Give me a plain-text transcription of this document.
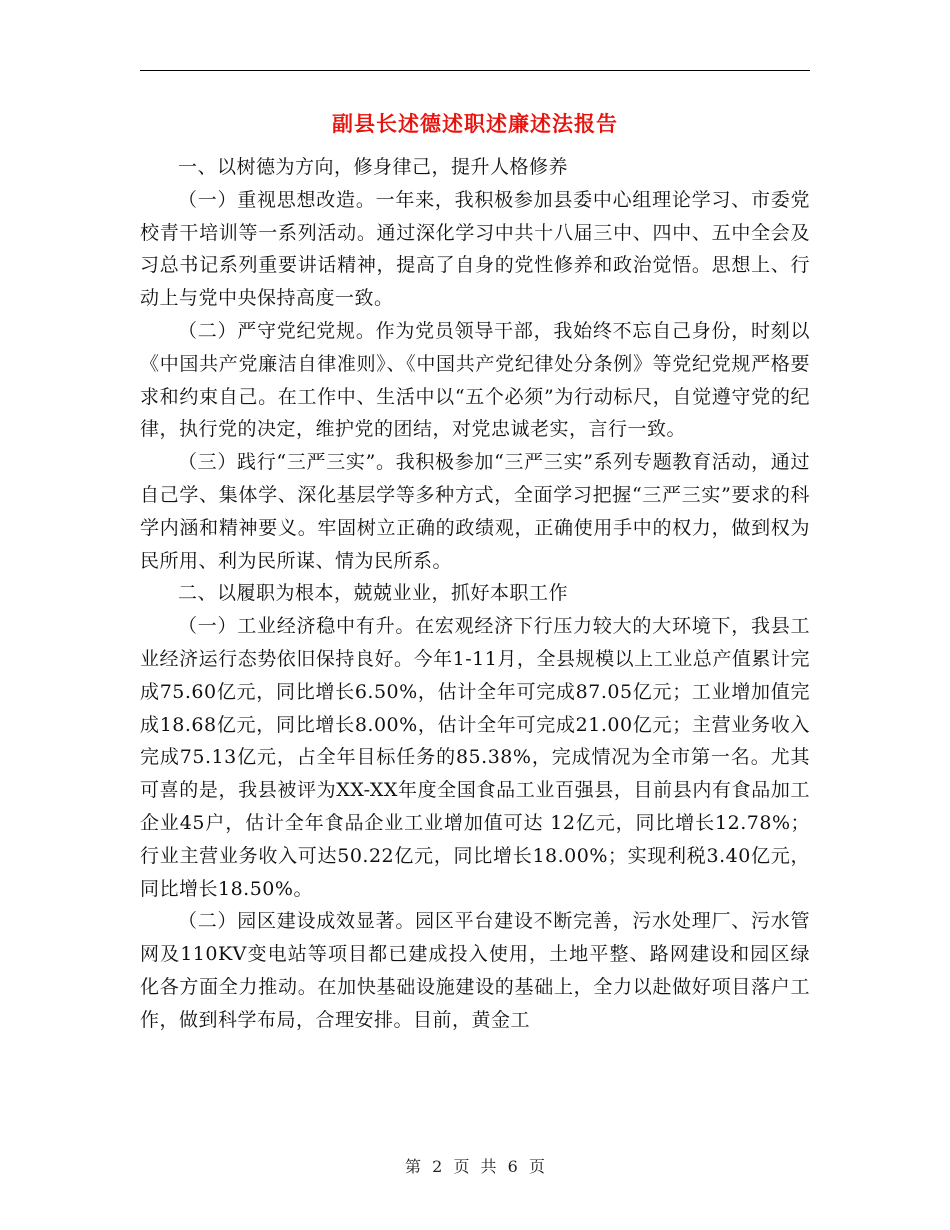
副县长述德述职述廉述法报告

一、以树德为方向，修身律己，提升人格修养

（一）重视思想改造。一年来，我积极参加县委中心组理论学习、市委党校青干培训等一系列活动。通过深化学习中共十八届三中、四中、五中全会及习总书记系列重要讲话精神，提高了自身的党性修养和政治觉悟。思想上、行动上与党中央保持高度一致。

（二）严守党纪党规。作为党员领导干部，我始终不忘自己身份，时刻以《中国共产党廉洁自律准则》、《中国共产党纪律处分条例》等党纪党规严格要求和约束自己。在工作中、生活中以“五个必须”为行动标尺，自觉遵守党的纪律，执行党的决定，维护党的团结，对党忠诚老实，言行一致。

（三）践行“三严三实”。我积极参加“三严三实”系列专题教育活动，通过自己学、集体学、深化基层学等多种方式，全面学习把握“三严三实”要求的科学内涵和精神要义。牢固树立正确的政绩观，正确使用手中的权力，做到权为民所用、利为民所谋、情为民所系。

二、以履职为根本，兢兢业业，抓好本职工作

（一）工业经济稳中有升。在宏观经济下行压力较大的大环境下，我县工业经济运行态势依旧保持良好。今年1-11月，全县规模以上工业总产值累计完成75.60亿元，同比增长6.50%，估计全年可完成87.05亿元；工业增加值完成18.68亿元，同比增长8.00%，估计全年可完成21.00亿元；主营业务收入完成75.13亿元，占全年目标任务的85.38%，完成情况为全市第一名。尤其可喜的是，我县被评为XX-XX年度全国食品工业百强县，目前县内有食品加工企业45户，估计全年食品企业工业增加值可达 12亿元，同比增长12.78%；行业主营业务收入可达50.22亿元，同比增长18.00%；实现利税3.40亿元，同比增长18.50%。

（二）园区建设成效显著。园区平台建设不断完善，污水处理厂、污水管网及110KV变电站等项目都已建成投入使用，土地平整、路网建设和园区绿化各方面全力推动。在加快基础设施建设的基础上，全力以赴做好项目落户工作，做到科学布局，合理安排。目前，黄金工

第 2 页 共 6 页
